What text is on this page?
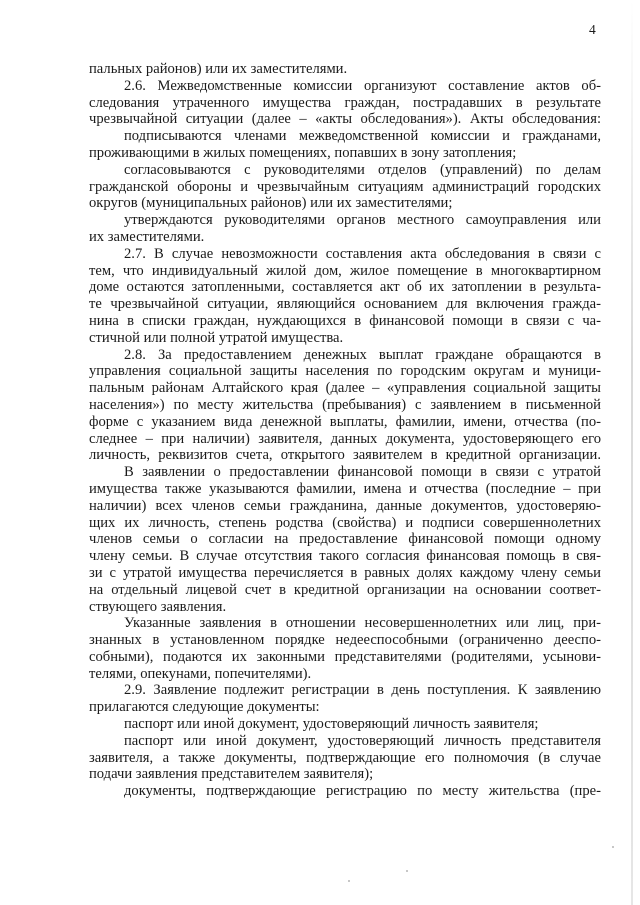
4
пальных районов) или их заместителями.
2.6. Межведомственные комиссии организуют составление актов об-
следования утраченного имущества граждан, пострадавших в результате
чрезвычайной ситуации (далее – «акты обследования»). Акты обследования:
подписываются членами межведомственной комиссии и гражданами,
проживающими в жилых помещениях, попавших в зону затопления;
согласовываются с руководителями отделов (управлений) по делам
гражданской обороны и чрезвычайным ситуациям администраций городских
округов (муниципальных районов) или их заместителями;
утверждаются руководителями органов местного самоуправления или
их заместителями.
2.7. В случае невозможности составления акта обследования в связи с
тем, что индивидуальный жилой дом, жилое помещение в многоквартирном
доме остаются затопленными, составляется акт об их затоплении в результа-
те чрезвычайной ситуации, являющийся основанием для включения гражда-
нина в списки граждан, нуждающихся в финансовой помощи в связи с ча-
стичной или полной утратой имущества.
2.8. За предоставлением денежных выплат граждане обращаются в
управления социальной защиты населения по городским округам и муници-
пальным районам Алтайского края (далее – «управления социальной защиты
населения») по месту жительства (пребывания) с заявлением в письменной
форме с указанием вида денежной выплаты, фамилии, имени, отчества (по-
следнее – при наличии) заявителя, данных документа, удостоверяющего его
личность, реквизитов счета, открытого заявителем в кредитной организации.
В заявлении о предоставлении финансовой помощи в связи с утратой
имущества также указываются фамилии, имена и отчества (последние – при
наличии) всех членов семьи гражданина, данные документов, удостоверяю-
щих их личность, степень родства (свойства) и подписи совершеннолетних
членов семьи о согласии на предоставление финансовой помощи одному
члену семьи. В случае отсутствия такого согласия финансовая помощь в свя-
зи с утратой имущества перечисляется в равных долях каждому члену семьи
на отдельный лицевой счет в кредитной организации на основании соответ-
ствующего заявления.
Указанные заявления в отношении несовершеннолетних или лиц, при-
знанных в установленном порядке недееспособными (ограниченно дееспо-
собными), подаются их законными представителями (родителями, усынови-
телями, опекунами, попечителями).
2.9. Заявление подлежит регистрации в день поступления. К заявлению
прилагаются следующие документы:
паспорт или иной документ, удостоверяющий личность заявителя;
паспорт или иной документ, удостоверяющий личность представителя
заявителя, а также документы, подтверждающие его полномочия (в случае
подачи заявления представителем заявителя);
документы, подтверждающие регистрацию по месту жительства (пре-
